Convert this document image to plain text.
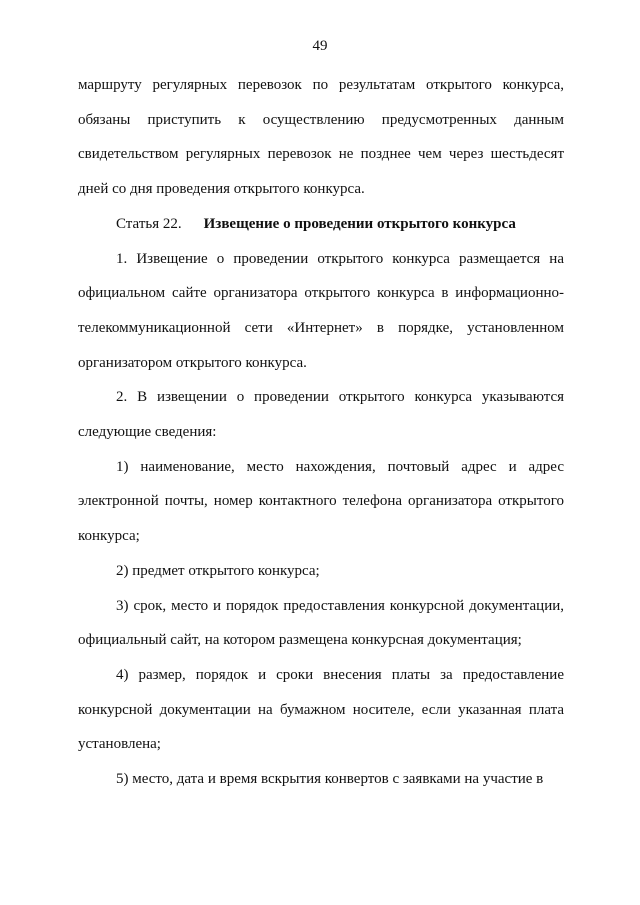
49

маршруту регулярных перевозок по результатам открытого конкурса, обязаны приступить к осуществлению предусмотренных данным свидетельством регулярных перевозок не позднее чем через шестьдесят дней со дня проведения открытого конкурса.

Статья 22. Извещение о проведении открытого конкурса

1. Извещение о проведении открытого конкурса размещается на официальном сайте организатора открытого конкурса в информационно-телекоммуникационной сети «Интернет» в порядке, установленном организатором открытого конкурса.

2. В извещении о проведении открытого конкурса указываются следующие сведения:

1) наименование, место нахождения, почтовый адрес и адрес электронной почты, номер контактного телефона организатора открытого конкурса;

2) предмет открытого конкурса;

3) срок, место и порядок предоставления конкурсной документации, официальный сайт, на котором размещена конкурсная документация;

4) размер, порядок и сроки внесения платы за предоставление конкурсной документации на бумажном носителе, если указанная плата установлена;

5) место, дата и время вскрытия конвертов с заявками на участие в
